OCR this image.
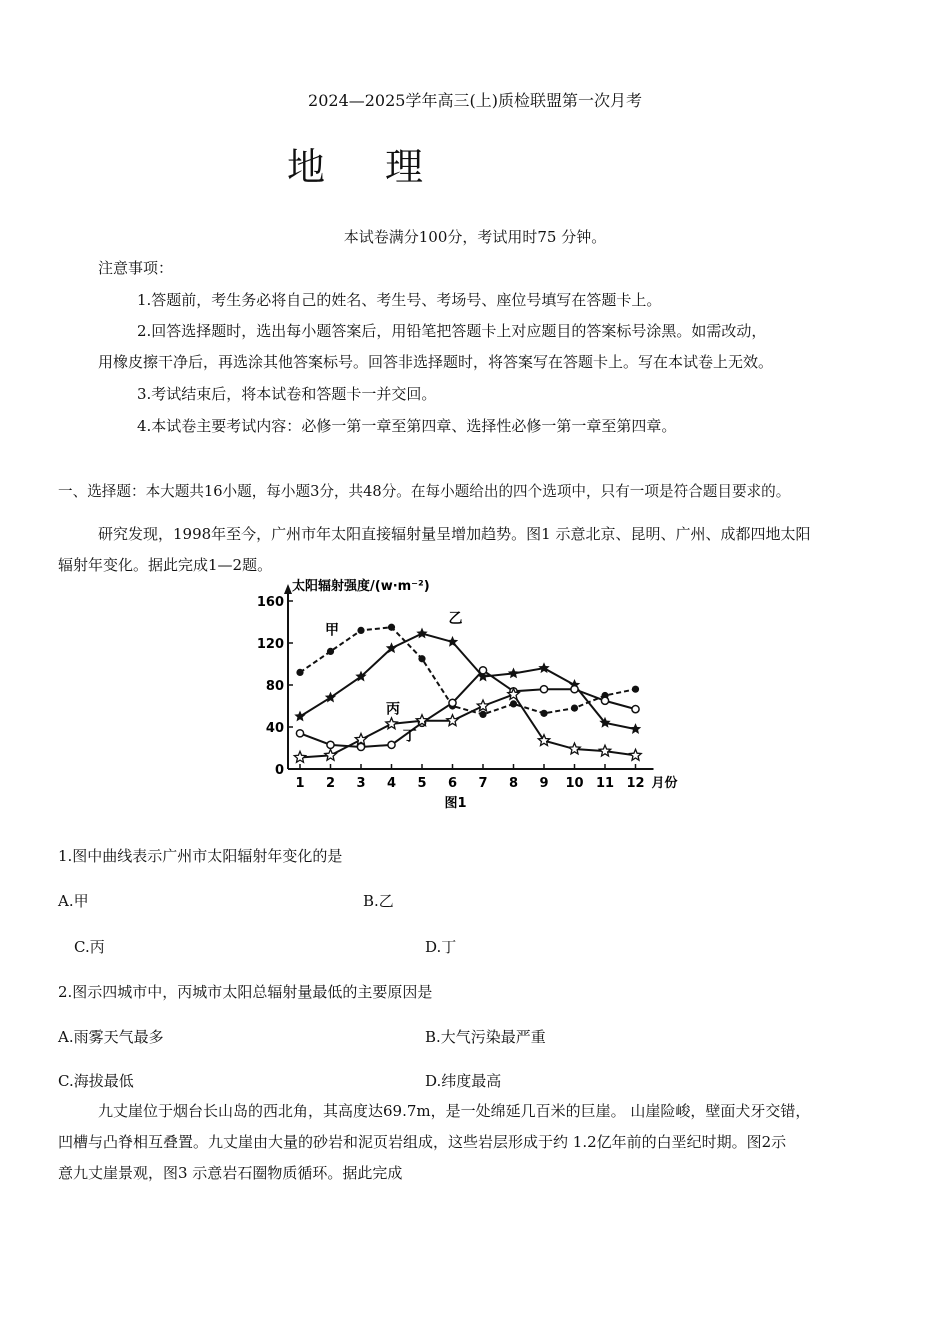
2024—2025学年高三(上)质检联盟第一次月考
地 理
本试卷满分100分，考试用时75 分钟。
注意事项：
1.答题前，考生务必将自己的姓名、考生号、考场号、座位号填写在答题卡上。
2.回答选择题时，选出每小题答案后，用铅笔把答题卡上对应题目的答案标号涂黑。如需改动，
用橡皮擦干净后，再选涂其他答案标号。回答非选择题时，将答案写在答题卡上。写在本试卷上无效。
3.考试结束后，将本试卷和答题卡一并交回。
4.本试卷主要考试内容：必修一第一章至第四章、选择性必修一第一章至第四章。
一、选择题：本大题共16小题，每小题3分，共48分。在每小题给出的四个选项中，只有一项是符合题目要求的。
研究发现，1998年至今，广州市年太阳直接辐射量呈增加趋势。图1 示意北京、昆明、广州、成都四地太阳
辐射年变化。据此完成1—2题。
0
40
80
120
160
1 2 3 4 5 6 7 8 9 10 11 12
太阳辐射强度/(w·m⁻²)
月份
图1
甲
乙
丙
丁
1.图中曲线表示广州市太阳辐射年变化的是
A.甲	B.乙
C.丙	D.丁
2.图示四城市中，丙城市太阳总辐射量最低的主要原因是
A.雨雾天气最多	B.大气污染最严重
C.海拔最低	D.纬度最高
九丈崖位于烟台长山岛的西北角，其高度达69.7m，是一处绵延几百米的巨崖。 山崖险峻，壁面犬牙交错，
凹槽与凸脊相互叠置。九丈崖由大量的砂岩和泥页岩组成，这些岩层形成于约 1.2亿年前的白垩纪时期。图2示
意九丈崖景观，图3 示意岩石圈物质循环。据此完成
